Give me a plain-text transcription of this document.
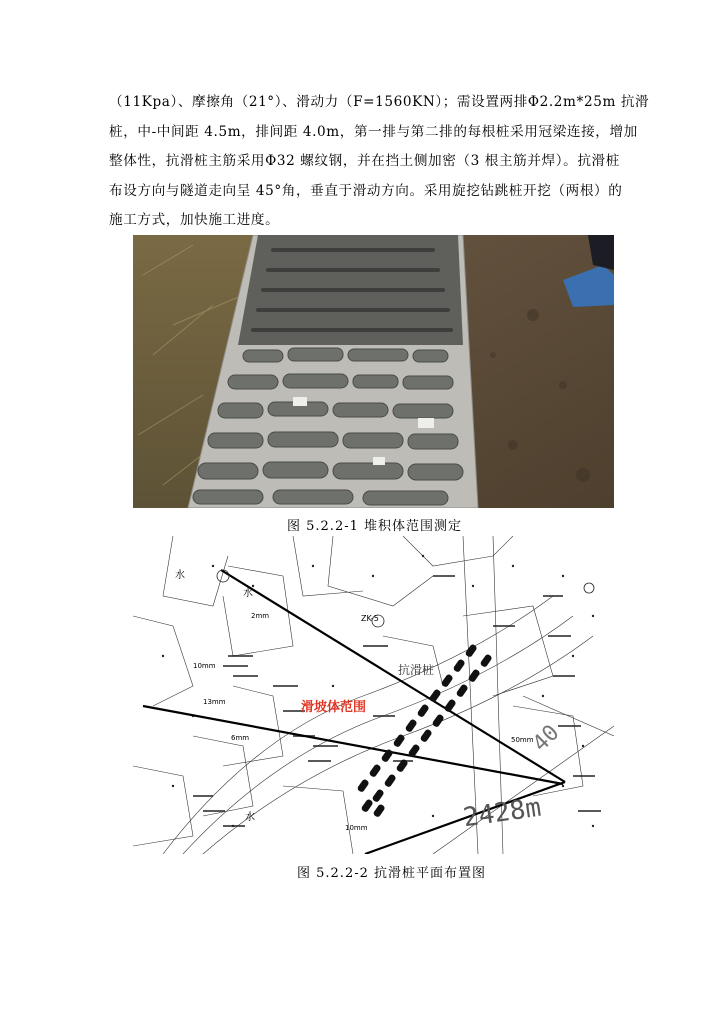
（11Kpa）、摩擦角（21°）、滑动力（F=1560KN）；需设置两排Φ2.2m*25m 抗滑
桩，中-中间距 4.5m，排间距 4.0m，第一排与第二排的每根桩采用冠梁连接，增加
整体性，抗滑桩主筋采用Φ32 螺纹钢，并在挡土侧加密（3 根主筋并焊）。抗滑桩
布设方向与隧道走向呈 45°角，垂直于滑动方向。采用旋挖钻跳桩开挖（两根）的
施工方式，加快施工进度。
图 5.2.2-1 堆积体范围测定
滑坡体范围
抗滑桩
水
水
水
ZK-5
2mm
10mm
13mm
6mm	50mm
10mm	2428m
40
图 5.2.2-2 抗滑桩平面布置图
